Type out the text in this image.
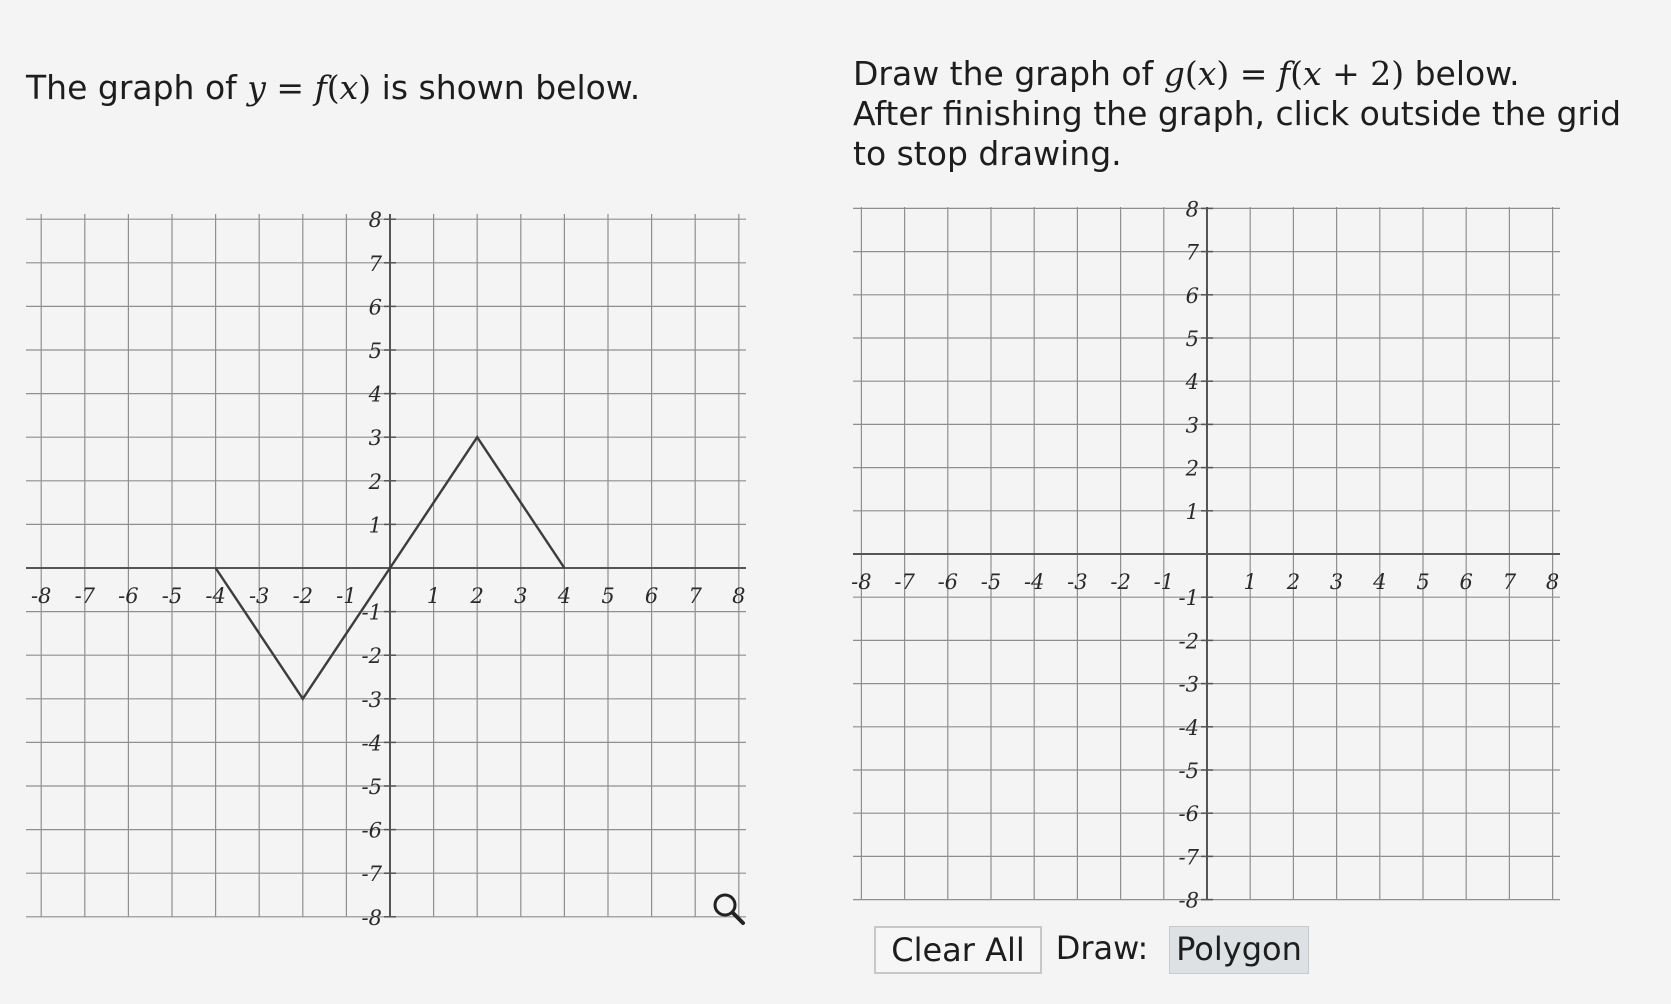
The graph of y = f(x) is shown below.	Draw the graph of g(x) = f(x + 2) below.
After finishing the graph, click outside the grid to stop drawing.
-8 -7 -6 -5 -4 -3 -2 -1	1 2 3 4 5 6 7 8
8
7
6
5
4
3
2
1
-1
-2
-3
-4
-5
-6
-7
-8
-8 -7 -6 -5 -4 -3 -2 -1	1 2 3 4 5 6 7 8
8
7
6
5
4
3
2
1
-1
-2
-3
-4
-5
-6
-7
-8
Clear All Draw: Polygon
